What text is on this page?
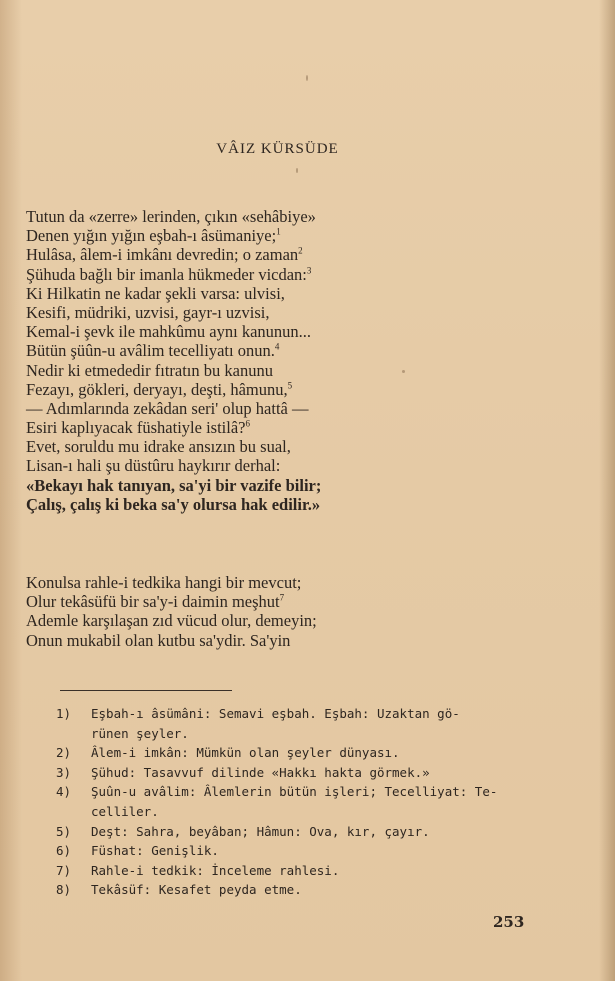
VÂIZ KÜRSÜDE
Tutun da «zerre» lerinden, çıkın «sehâbiye»
Denen yığın yığın eşbah-ı âsümaniye;$^1$
Hulâsa, âlem-i imkânı devredin; o zaman$^2$
Şühuda bağlı bir imanla hükmeder vicdan:$^3$
Ki Hilkatin ne kadar şekli varsa: ulvisi,
Kesifi, müdriki, uzvisi, gayr-ı uzvisi,
Kemal-i şevk ile mahkûmu aynı kanunun...
Bütün şüûn-u avâlim tecelliyatı onun.$^4$
Nedir ki etmededir fıtratın bu kanunu
Fezayı, gökleri, deryayı, deşti, hâmunu,$^5$
— Adımlarında zekâdan seri' olup hattâ —
Esiri kaplıyacak füshatiyle istilâ?$^6$
Evet, soruldu mu idrake ansızın bu sual,
Lisan-ı hali şu düstûru haykırır derhal:
«Bekayı hak tanıyan, sa'yi bir vazife bilir;
Çalış, çalış ki beka sa'y olursa hak edilir.»
Konulsa rahle-i tedkika hangi bir mevcut;
Olur tekâsüfü bir sa'y-i daimin meşhut$^7$
Ademle karşılaşan zıd vücud olur, demeyin;
Onun mukabil olan kutbu sa'ydir. Sa'yin
1)	Eşbah-ı âsümâni: Semavi eşbah. Eşbah: Uzaktan gö-
rünen şeyler.
2)	Âlem-i imkân: Mümkün olan şeyler dünyası.
3)	Şühud: Tasavvuf dilinde «Hakkı hakta görmek.»
4)	Şuûn-u avâlim: Âlemlerin bütün işleri; Tecelliyat: Te-
celliler.
5)	Deşt: Sahra, beyâban; Hâmun: Ova, kır, çayır.
6)	Füshat: Genişlik.
7)	Rahle-i tedkik: İnceleme rahlesi.
8)	Tekâsüf: Kesafet peyda etme.
253
